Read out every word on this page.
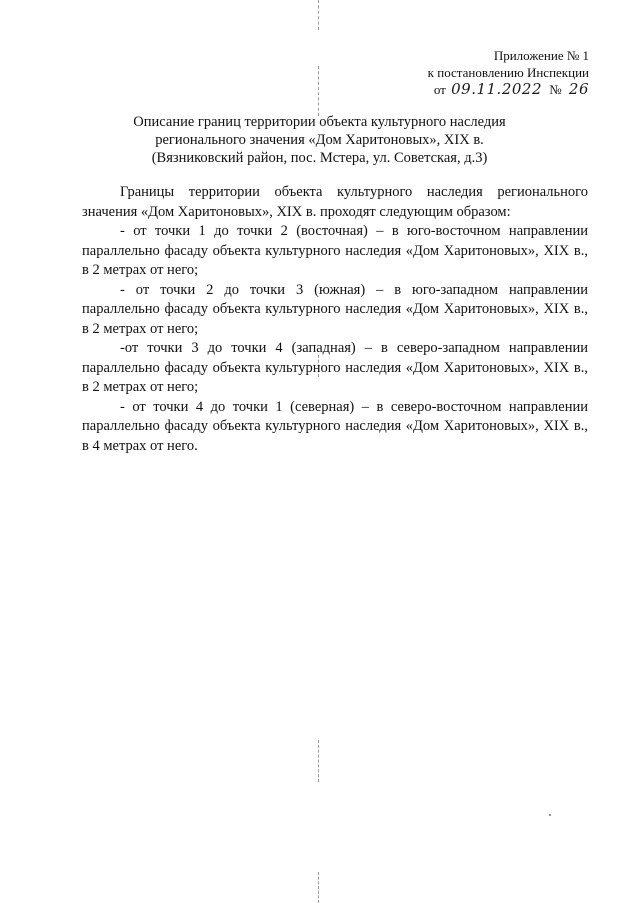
Приложение № 1
к постановлению Инспекции
от 09.11.2022 № 26
Описание границ территории объекта культурного наследия
регионального значения «Дом Харитоновых», XIX в.
(Вязниковский район, пос. Мстера, ул. Советская, д.3)

Границы территории объекта культурного наследия регионального значения «Дом Харитоновых», XIX в. проходят следующим образом:

- от точки 1 до точки 2 (восточная) – в юго-восточном направлении параллельно фасаду объекта культурного наследия «Дом Харитоновых», XIX в., в 2 метрах от него;

- от точки 2 до точки 3 (южная) – в юго-западном направлении параллельно фасаду объекта культурного наследия «Дом Харитоновых», XIX в., в 2 метрах от него;

-от точки 3 до точки 4 (западная) – в северо-западном направлении параллельно фасаду объекта культурного наследия «Дом Харитоновых», XIX в., в 2 метрах от него;

- от точки 4 до точки 1 (северная) – в северо-восточном направлении параллельно фасаду объекта культурного наследия «Дом Харитоновых», XIX в., в 4 метрах от него.
